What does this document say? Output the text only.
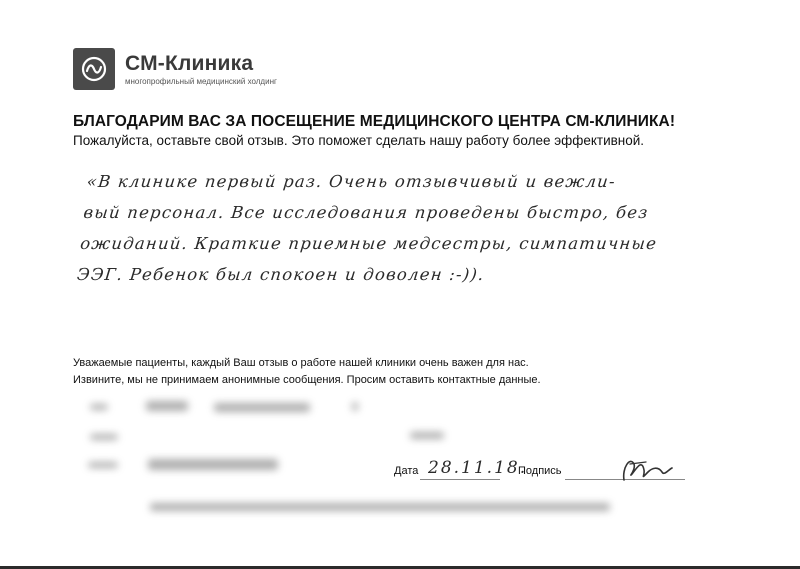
СМ-Клиника
многопрофильный медицинский холдинг
БЛАГОДАРИМ ВАС ЗА ПОСЕЩЕНИЕ МЕДИЦИНСКОГО ЦЕНТРА СМ-КЛИНИКА!
Пожалуйста, оставьте свой отзыв. Это поможет сделать нашу работу более эффективной.
«В клинике первый раз. Очень отзывчивый и вежли-
вый персонал. Все исследования проведены быстро, без
ожиданий. Краткие приемные медсестры, симпатичные
ЭЭГ. Ребенок был спокоен и доволен :-)).
Уважаемые пациенты, каждый Ваш отзыв о работе нашей клиники очень важен для нас.
Извините, мы не принимаем анонимные сообщения. Просим оставить контактные данные.
Дата 28.11.18.
Подпись
